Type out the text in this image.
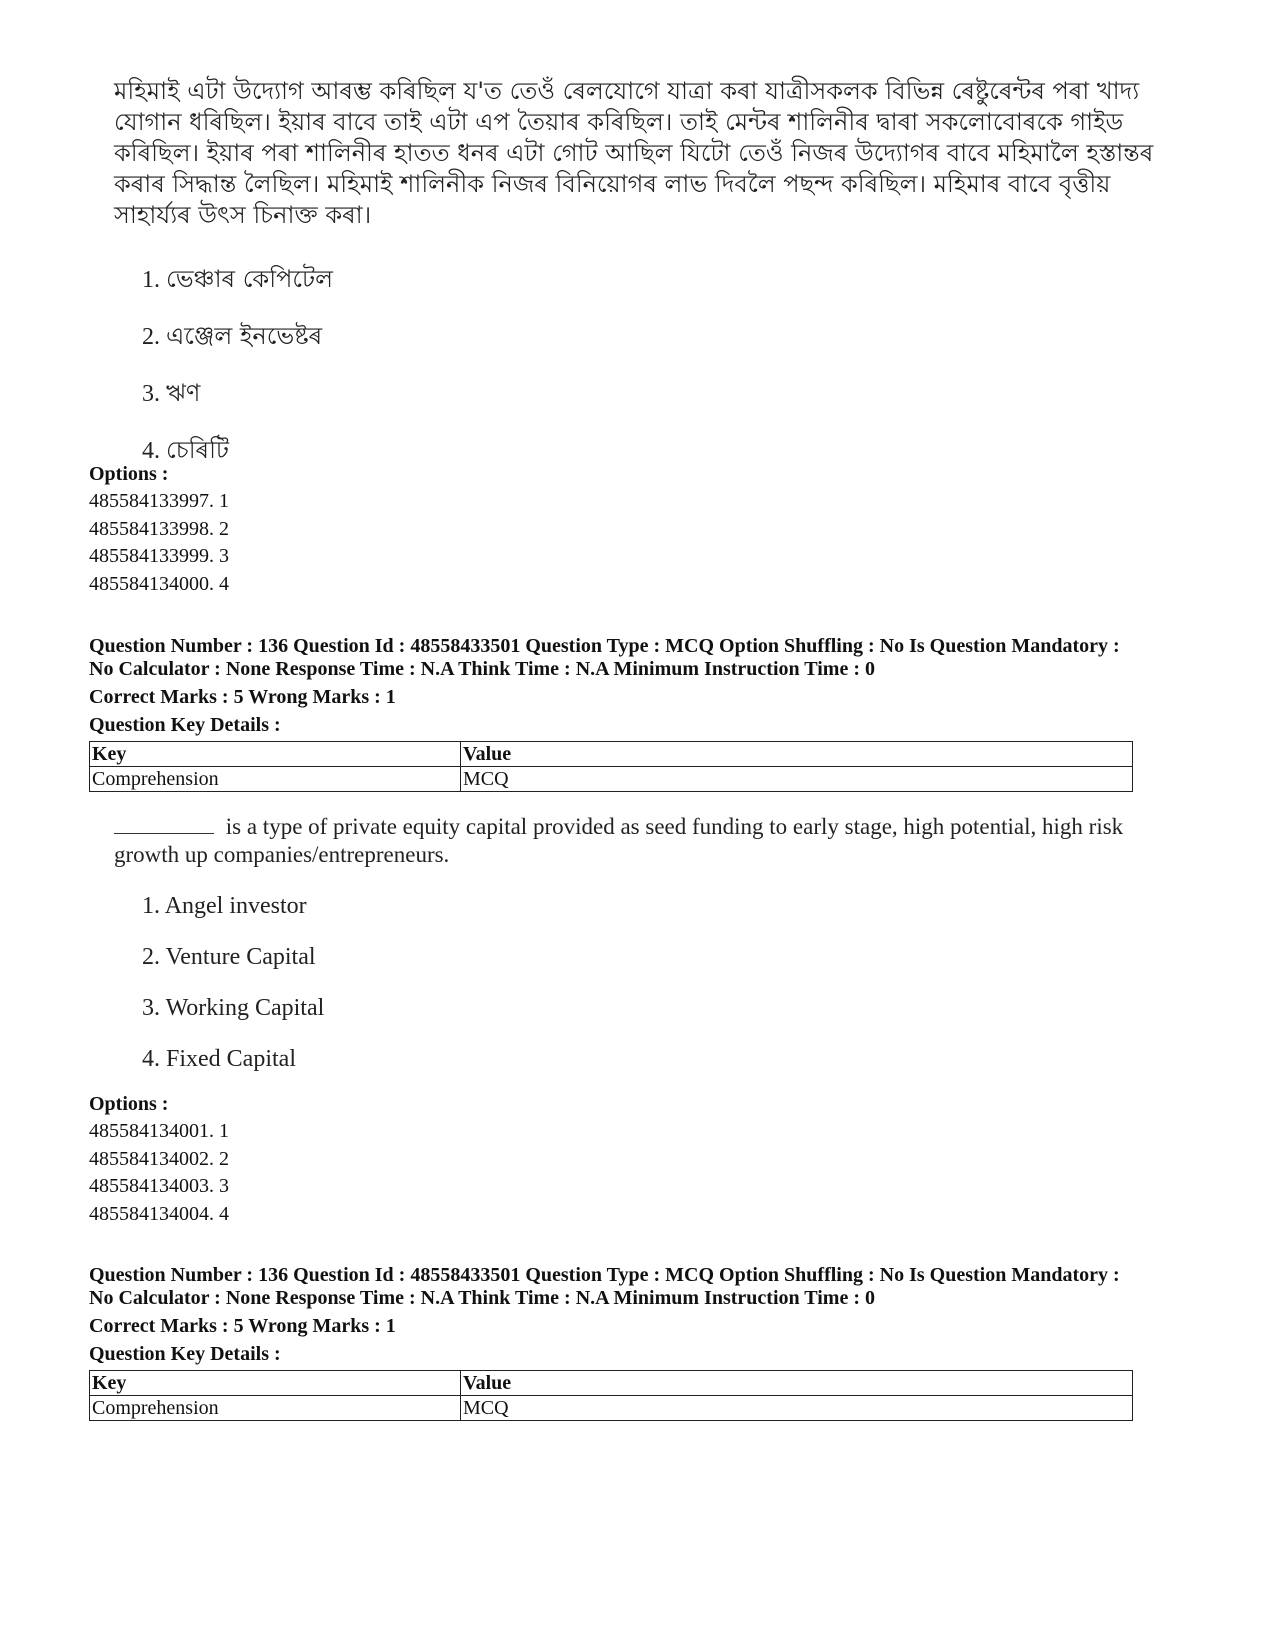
মহিমাই এটা উদ্যোগ আৰম্ভ কৰিছিল য'ত তেওঁ ৰেলযোগে যাত্ৰা কৰা যাত্ৰীসকলক বিভিন্ন ৰেষ্টুৰেন্টৰ পৰা খাদ্য যোগান ধৰিছিল। ইয়াৰ বাবে তাই এটা এপ তৈয়াৰ কৰিছিল। তাই মেন্টৰ শালিনীৰ দ্বাৰা সকলোবোৰকে গাইড কৰিছিল। ইয়াৰ পৰা শালিনীৰ হাতত ধনৰ এটা গোট আছিল যিটো তেওঁ নিজৰ উদ্যোগৰ বাবে মহিমালৈ হস্তান্তৰ কৰাৰ সিদ্ধান্ত লৈছিল। মহিমাই শালিনীক নিজৰ বিনিয়োগৰ লাভ দিবলৈ পছন্দ কৰিছিল। মহিমাৰ বাবে বৃত্তীয় সাহাৰ্য্যৰ উৎস চিনাক্ত কৰা।

1. ভেঞ্চাৰ কেপিটেল
2. এঞ্জেল ইনভেষ্টৰ
3. ঋণ
4. চেৰিটি

Options :

485584133997. 1
485584133998. 2
485584133999. 3
485584134000. 4

Question Number : 136 Question Id : 48558433501 Question Type : MCQ Option Shuffling : No Is Question Mandatory :

No Calculator : None Response Time : N.A Think Time : N.A Minimum Instruction Time : 0

Correct Marks : 5 Wrong Marks : 1

Question Key Details :

Key	Value
Comprehension	MCQ

is a type of private equity capital provided as seed funding to early stage, high potential, high risk growth up companies/entrepreneurs.

1. Angel investor
2. Venture Capital
3. Working Capital
4. Fixed Capital

Options :

485584134001. 1
485584134002. 2
485584134003. 3
485584134004. 4

Question Number : 136 Question Id : 48558433501 Question Type : MCQ Option Shuffling : No Is Question Mandatory :

No Calculator : None Response Time : N.A Think Time : N.A Minimum Instruction Time : 0

Correct Marks : 5 Wrong Marks : 1

Question Key Details :

Key	Value
Comprehension	MCQ
